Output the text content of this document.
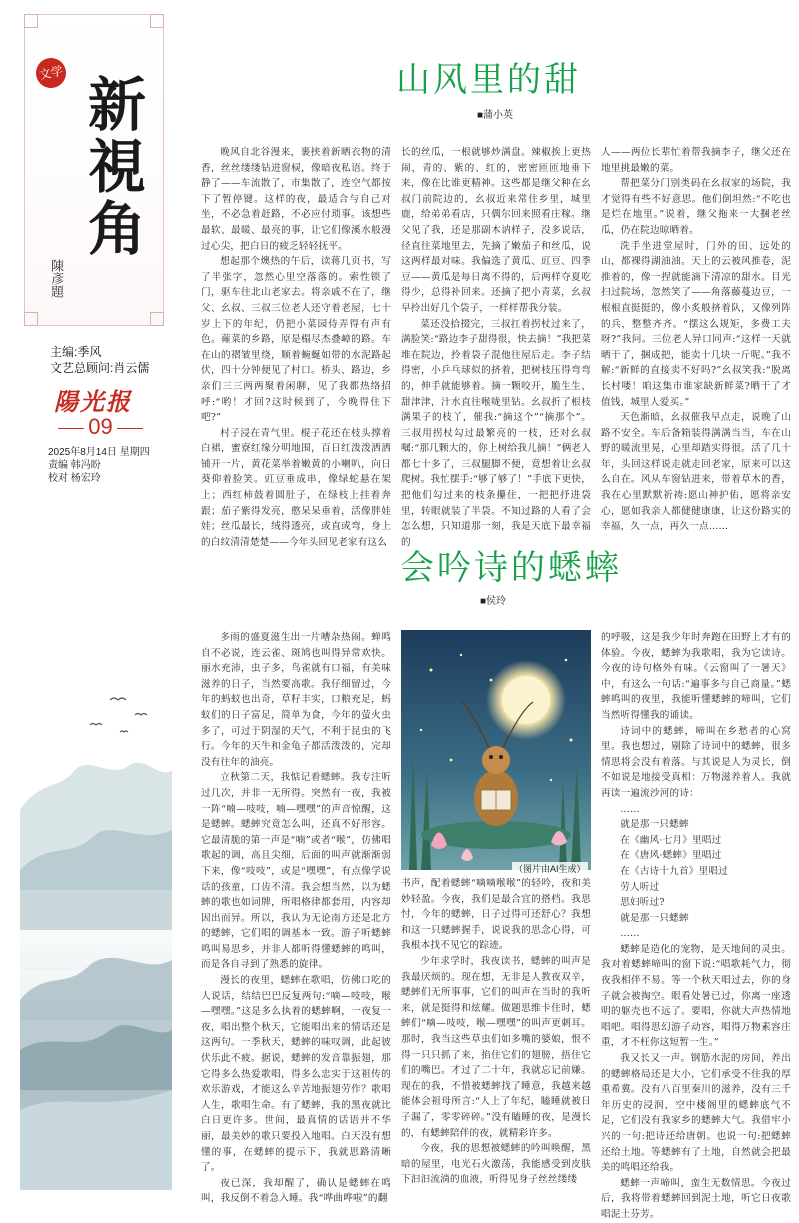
文学
新視角
陳彥題
主编:季风
文艺总顾问:肖云儒
陽光报
09
2025年8月14日 星期四
责编 韩冯盼
校对 杨宏玲
山风里的甜
■蒲小英

晚风自北谷漫来，裹挟着新晒衣物的清香，丝丝缕缕钻进窗棂，像暗夜私语。终于静了——车流散了，市集散了，连空气都按下了暂停键。这样的夜，最适合与自己对坐，不必急着赶路，不必应付琐事。该想些最软、最暖、最亮的事，让它们像溪水般漫过心尖，把白日的疲乏轻轻抚平。

想起那个燠热的午后，读蒋几页书，写了半张字，忽然心里空落落的。索性锁了门，驱车往北山老家去。将亲戚不在了，继父、幺叔、三叔三位老人还守着老屋，七十岁上下的年纪，仍把小菜园侍弄得有声有色。蕹菜的乡路，原是榻尽杰叠嶂的路。车在山的褶皱里绕，顺着蜿蜒如带的水泥路起伏，四十分钟便见了村口。桥头、路边，乡亲们三三两两聚着闲聊，见了我都热络招呼:“哟！才回?这时候到了，今晚得住下吧?”

村子浸在青气里。棍子花还在枝头撑着白裙，蜜寮红缘分明地围，百日红泼泼洒洒铺开一片，黄花菜举着嫩黄的小喇叭，向日葵仰着脸笑。豇豆垂成串，像绿蛇悬在架上；西红柿鼓着圆肚子，在绿枝上挂着奔跟；茄子紫得发亮，憨呆呆垂着，活像胖娃娃；丝瓜最长，绒得透亮，或直或弯，身上的白纹清清楚楚——今年头回见老家有这么

长的丝瓜，一根就够炒满盘。辣椒挨上更热闹，青的、紫的、红的，密密匝匝地垂下来，像在比谁更精神。这些都是继父种在幺叔门前院边的，幺叔近来常住乡里，城里鹿，给弟弟看店，只偶尔回来照看庄稼。继父见了我，还是那副木讷样子，没多说话，径直往菜地里去，先摘了嫩茄子和丝瓜，说这两样最对味。我偏选了黄瓜、豇豆、四季豆——黄瓜是每日离不得的，后两样夺夏吃得少，总得补回来。还摘了把小青菜，幺叔早拎出好几个袋子，一样样帮我分装。

菜还没拾掇完，三叔扛着拐杖过来了，满脸笑:“路边李子甜得很，快去摘！”我把菜堆在院边，拎着袋子混他往屋后走。李子结得密，小乒乓球似的挤着，把树枝压得弯弯的，伸手就能够着。摘一颗咬开，脆生生、甜津津，汁水直往喉咙里钻。幺叔折了根枝满果子的枝丫，催我:“摘这个”“摘那个”。三叔用拐杖勾过最繁亮的一枝，还对幺叔嘱:“那几颗大的，你上树给我儿摘！”俩老人都七十多了，三叔腿脚不便，竟想着让幺叔爬树。我忙摆手:“够了够了！”手底下更快，把他们勾过来的枝条攥住，一把把抒进袋里，转眼就装了半袋。不知过路的人看了会怎么想，只知道那一刻，我是天底下最幸福的

人——两位长辈忙着帮我摘李子，继父还在地里挑最嫩的菜。

帮把菜分门别类码在幺叔家的场院，我才觉得有些不好意思。他们倒坦然:“不吃也是烂在地里。”说着，继父拖来一大捆老丝瓜，仍在院边晾晒着。

洗手坐进堂屋时，门外的田、远处的山，都裸得湖油油。天上的云被风推卷，泥推着的，像一捏就能滴下清凉的甜水。目光扫过院场，忽然笑了——角落藤蔓边豆，一根根直挺挺的，像小炙般挤着队，又像列阵的兵，整整齐齐。“摆这么规矩，多费工夫呀?”我问。三位老人异口同声:“这样一天就晒干了，捆成把，能卖十几块一斤呢。”我不解:“新鲜的直接卖不好吗?”幺叔笑我:“脱离长村喽！咱这集市谁家缺新鲜菜?晒干了才值钱，城里人爱买。”

天色渐暗，幺叔催我早点走，说晚了山路不安全。车后备箱装得满满当当，车在山野的暖流里晃，心里却踏实得很。活了几十年，头回这样说走就走回老家，原来可以这么自在。风从车窗钻进来，带着草木的香，我在心里默默祈祷:愿山神护佑，愿将亲安心，愿如我亲人都健健康康，让这份路实的幸福，久一点，再久一点……

会吟诗的蟋蟀
■侯玲

多雨的盛夏滋生出一片嘈杂热闹。蝉鸣自不必说，连云雀、斑鸠也叫得异常欢快。丽水充沛，虫子多，鸟雀就有口福，有美味滋养的日子，当然要高歌。我仔细留过，今年的蚂蚁也出奇，草籽丰实，口粮充足，蚂蚁们的日子富足，简单为食，今年的萤火虫多了，可过于阴湿的天气，不利于昆虫的飞行。今年的天牛和金龟子都活泼泼的，完却没有往年的油亮。

立秋第二天，我惦记着蟋蟀。我专注听过几次，并非一无所得。突然有一夜，我被一阵“喃—吱吱，喃—嘿嘿”的声音惊醒，这是蟋蟀。蟋蟀究竟怎么叫，还真不好形容。它最清脆的第一声是“喃”或者“喉”，仿佛唱歌起的调，高且尖细，后面的叫声就渐渐弱下来，像“吱吱”，或是“嘿嘿”，有点像学说话的孩童，口齿不清。我会想当然，以为蟋蟀的歌也如词牌，所唱格律都套用，内容却因出而异。所以，我认为无论南方还是北方的蟋蟀，它们唱的调基本一致。游子听蟋蟀鸣叫易思乡，并非人都听得懂蟋蟀的鸣叫，而是各自寻到了熟悉的旋律。

漫长的夜里，蟋蟀在歌唱，仿佛口吃的人说话，结结巴巴反复两句:“嘀—吱吱，喉—嘿嘿。”这是多么执着的蟋蟀啊，一夜复一夜，唱出整个秋天，它能唱出来的情话还是这两句。一季秋天，蟋蟀的味叹调，此起彼伏乐此不疲。据说，蟋蟀的发音靠振翅，那它得多么热爱歌唱，得多么忠实于这祖传的欢乐游戏，才能这么辛苦地振翅劳作？歌唱人生，歌唱生命。有了蟋蟀，我的黑夜就比白日更许多。世间，最真情的话语并不华丽，最美妙的歌只要投入地唱。白天没有想懂的事，在蟋蟀的提示下，我就思路清晰了。

夜已深，我却醒了，确认是蟋蟀在鸣叫，我反倒不着急入睡。我“哗曲哗啦”的翻

（图片由AI生成）

书声，配着蟋蟀“嘀嘀喉喉”的轻吟，夜和美妙轻盈。今夜，我们是最合宜的搭档。我思忖，今年的蟋蟀，日子过得可还舒心？我想和这一只蟋蟀握手，说说我的思念心得，可我根本找不见它的踪迹。

少年求学时，我夜读书，蟋蟀的叫声是我最厌烦的。现在想，无非是人教夜双辛，蟋蟀们无所事事，它们的叫声在当时的我听来，就是挺得和炫耀。做题思维卡住时，蟋蟀们“嘀—吱吱，喉—嘿嘿”的叫声更刺耳。那时，我当这些草虫们如多嘴的婆娘，恨不得一只只抓了来，掐住它们的翅膀，捂住它们的嘴巴。才过了二十年，我就忘记前嫌。现在的我，不惜被蟋蟀找了睡意，我越来越能体会祖母所言:“人上了年纪，瞌睡就被日子漏了，零零碎碎。”没有瞌睡的夜，是漫长的，有蟋蟀陪伴的夜，就精彩许多。

今夜，我的思想被蟋蟀的吟叫唤醒，黑暗的屋里，电光石火激荡，我能感受到皮肤下汩汩流淌的血液，听得见身子丝丝缕缕

的呼吸，这是我少年时奔跑在田野上才有的体验。今夜，蟋蟀为我歌唱，我为它读诗。今夜的诗句格外有味。《云窗叫了一暑天》中，有这么一句话:“遍事多与自己商量。”蟋蟀鸣叫的夜里，我能听懂蟋蟀的啼叫，它们当然听得懂我的诵读。

诗词中的蟋蟀，啼叫在乡愁者的心窝里。我也想过，剔除了诗词中的蟋蟀，很多情思将会没有着落。与其说是人为灵长，倒不如说是地接受真相：万物滋养着人。我就再读一遍流沙河的诗：

……

就是那一只蟋蟀

在《幽风·七月》里唱过

在《唐风·蟋蟀》里唱过

在《古诗十九首》里唱过

劳人听过

思妇听过?

就是那一只蟋蟀

……

蟋蟀是造化的宠物，是天地间的灵虫。我对着蟋蟀啼叫的窗下说:“唱歌耗气力，彻夜我相伴不易。等一个秋天唱过去，你的身子就会被掏空。眼看处暑已过，你离一座透明的躯壳也不远了。要唱，你就大声热情地唱吧。唱得思幻游子动容，唱得万物素容庄重，才不枉你这短暂一生。”

我又长又一声。钢筋水泥的房间，养出的蟋蟀格局还是大小，它们承受不住我的厚重希冀。没有八百里秦川的滋养，没有三千年历史的浸润，空中楼阁里的蟋蟀底气不足，它们没有我家乡的蟋蟀大气。我借牢小兴的一句:把诗还给唐朝。也说一句:把蟋蟀还给土地。等蟋蟀有了土地，自然就会把最美的鸣唱还给我。

蟋蟀一声啼叫，蛮生无数情思。今夜过后，我将带着蟋蟀回到泥土地，听它日夜歌唱泥土芬芳。
